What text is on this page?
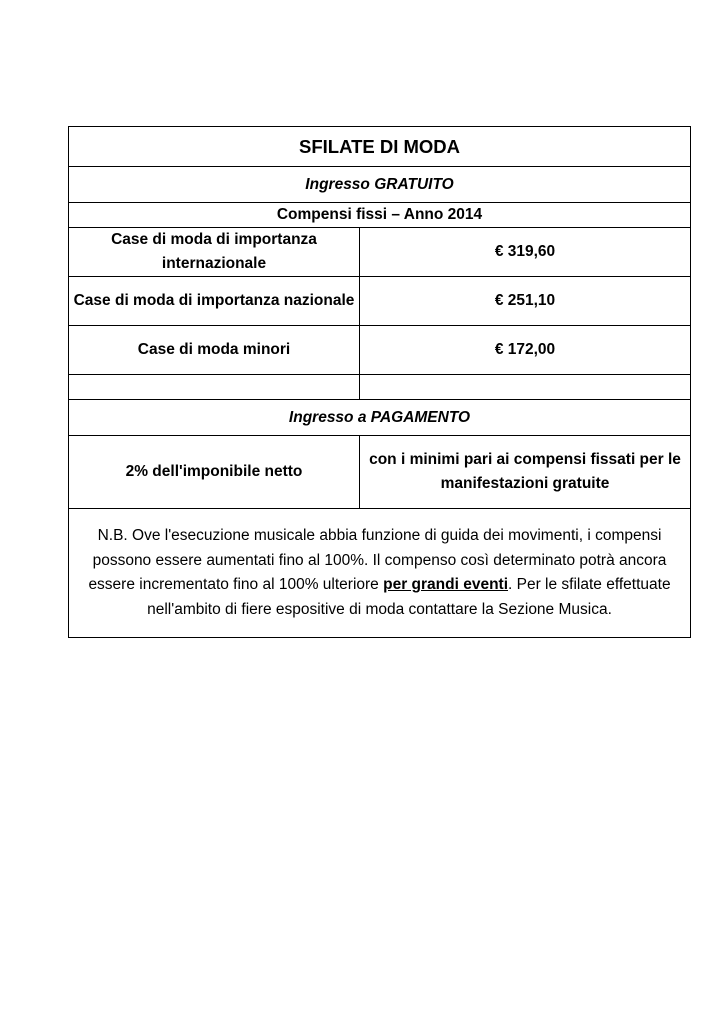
SFILATE DI MODA	
Ingresso GRATUITO	
Compensi fissi – Anno 2014	
Case di moda di importanza internazionale	€ 319,60
Case di moda di importanza nazionale	€ 251,10
Case di moda minori	€ 172,00

Ingresso a PAGAMENTO	
2% dell'imponibile netto	con i minimi pari ai compensi fissati per le manifestazioni gratuite
N.B. Ove l'esecuzione musicale abbia funzione di guida dei movimenti, i compensi possono essere aumentati fino al 100%. Il compenso così determinato potrà ancora essere incrementato fino al 100% ulteriore per grandi eventi. Per le sfilate effettuate nell'ambito di fiere espositive di moda contattare la Sezione Musica.	
